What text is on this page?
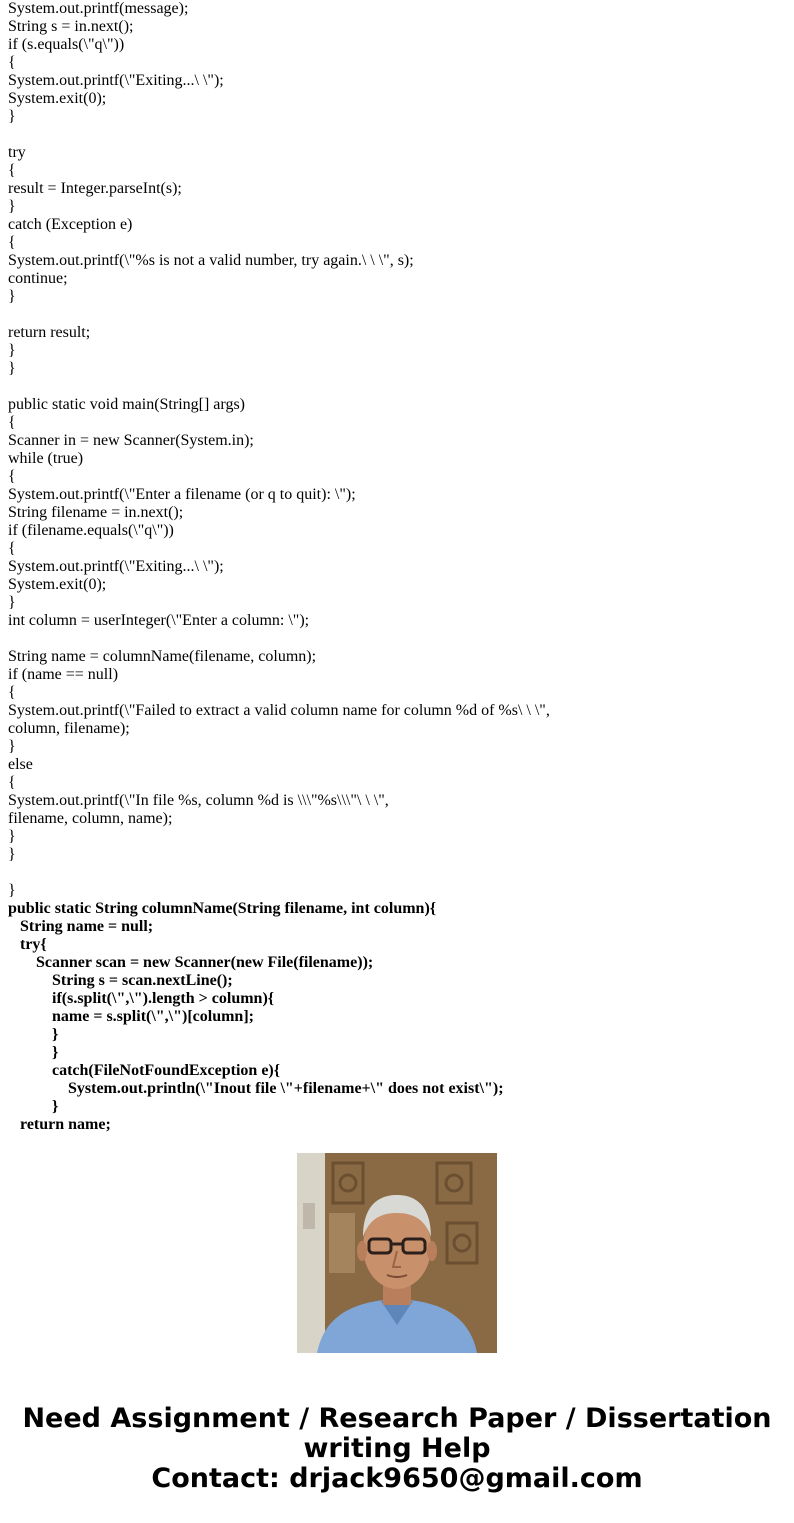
System.out.printf(message);
String s = in.next();
if (s.equals(\"q\"))
{
System.out.printf(\"Exiting...\ \");
System.exit(0);
}
try
{
result = Integer.parseInt(s);
}
catch (Exception e)
{
System.out.printf(\"%s is not a valid number, try again.\ \ \", s);
continue;
}
return result;
}
}
public static void main(String[] args)
{
Scanner in = new Scanner(System.in);
while (true)
{
System.out.printf(\"Enter a filename (or q to quit): \");
String filename = in.next();
if (filename.equals(\"q\"))
{
System.out.printf(\"Exiting...\ \");
System.exit(0);
}
int column = userInteger(\"Enter a column: \");
String name = columnName(filename, column);
if (name == null)
{
System.out.printf(\"Failed to extract a valid column name for column %d of %s\ \ \",
column, filename);
}
else
{
System.out.printf(\"In file %s, column %d is \\\"%s\\\"\ \ \",
filename, column, name);
}
}
}
public static String columnName(String filename, int column){
String name = null;
try{
Scanner scan = new Scanner(new File(filename));
String s = scan.nextLine();
if(s.split(\",\").length > column){
name = s.split(\",\")[column];
}
}
catch(FileNotFoundException e){
System.out.println(\"Inout file \"+filename+\" does not exist\");
}
return name;
Need Assignment / Research Paper / Dissertation
writing Help
Contact: drjack9650@gmail.com
